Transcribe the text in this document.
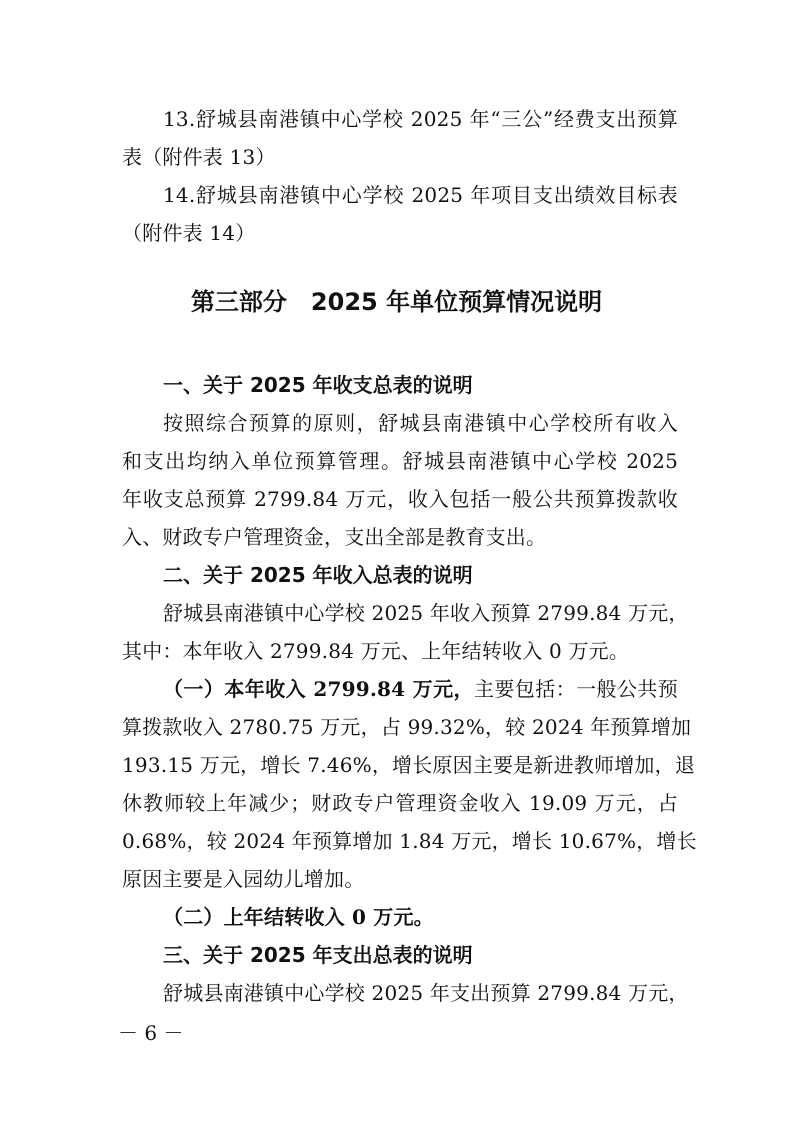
13.舒城县南港镇中心学校 2025 年“三公”经费支出预算
表（附件表 13）
14.舒城县南港镇中心学校 2025 年项目支出绩效目标表
（附件表 14）
第三部分 2025 年单位预算情况说明
一、关于 2025 年收支总表的说明
按照综合预算的原则，舒城县南港镇中心学校所有收入
和支出均纳入单位预算管理。舒城县南港镇中心学校 2025
年收支总预算 2799.84 万元，收入包括一般公共预算拨款收
入、财政专户管理资金，支出全部是教育支出。
二、关于 2025 年收入总表的说明
舒城县南港镇中心学校 2025 年收入预算 2799.84 万元，
其中：本年收入 2799.84 万元、上年结转收入 0 万元。
（一）本年收入 2799.84 万元，主要包括：一般公共预
算拨款收入 2780.75 万元，占 99.32%，较 2024 年预算增加
193.15 万元，增长 7.46%，增长原因主要是新进教师增加，退
休教师较上年减少；财政专户管理资金收入 19.09 万元，占
0.68%，较 2024 年预算增加 1.84 万元，增长 10.67%，增长
原因主要是入园幼儿增加。
（二）上年结转收入 0 万元。
三、关于 2025 年支出总表的说明
舒城县南港镇中心学校 2025 年支出预算 2799.84 万元，
－ 6 －
